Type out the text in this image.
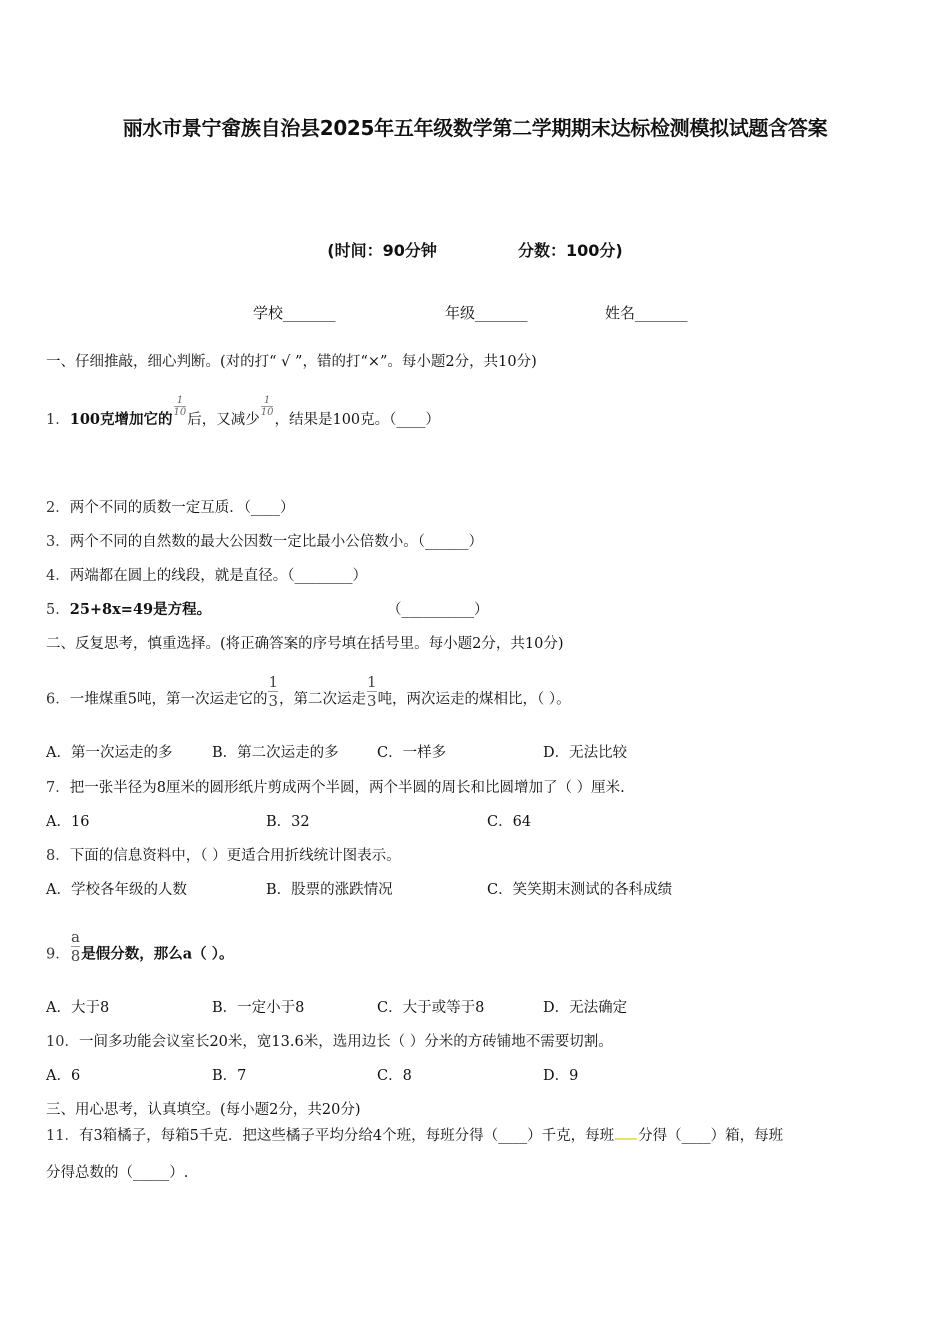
丽水市景宁畲族自治县2025年五年级数学第二学期期末达标检测模拟试题含答案
(时间：90分钟	分数：100分)
学校_______	年级_______	姓名_______
一、仔细推敲，细心判断。(对的打“ √ ”，错的打“×”。每小题2分，共10分)
1．100克增加它的
$\frac{1}{10}$
后，又减少
$\frac{1}{10}$
，结果是100克。（____）
2．两个不同的质数一定互质．（____）
3．两个不同的自然数的最大公因数一定比最小公倍数小。（______）
4．两端都在圆上的线段，就是直径。（________）
5．25+8x=49是方程。	（__________）
二、反复思考，慎重选择。(将正确答案的序号填在括号里。每小题2分，共10分)
6．一堆煤重5吨，第一次运走它的 $\frac{1}{3}$ ，第二次运走 $\frac{1}{3}$ 吨，两次运走的煤相比，（ ）。
A．第一次运走的多	B．第二次运走的多	C．一样多	D．无法比较
7．把一张半径为8厘米的圆形纸片剪成两个半圆，两个半圆的周长和比圆增加了（ ）厘米.
A．16	B．32	C．64
8．下面的信息资料中，（ ）更适合用折线统计图表示。
A．学校各年级的人数	B．股票的涨跌情况	C．笑笑期末测试的各科成绩
9． $\frac{a}{8}$ 是假分数，那么a（ ）。
A．大于8	B．一定小于8	C．大于或等于8	D．无法确定
10．一间多功能会议室长20米，宽13.6米，选用边长（ ）分米的方砖铺地不需要切割。
A．6	B．7	C．8	D．9
三、用心思考，认真填空。(每小题2分，共20分)
11．有3箱橘子，每箱5千克．把这些橘子平均分给4个班，每班分得（____）千克，每班 分得（____）箱，每班
分得总数的（_____）.
